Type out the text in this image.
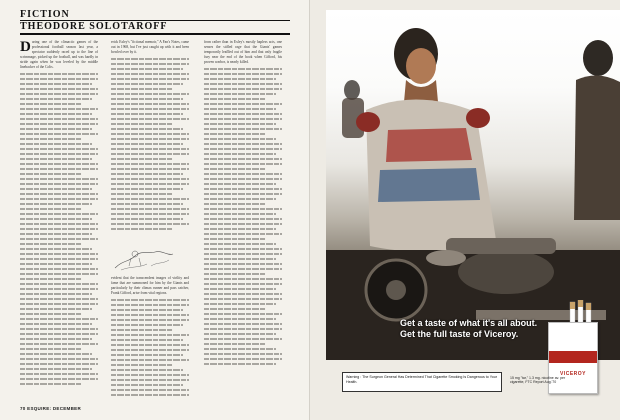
FICTION
THEODORE SOLOTAROFF
D uring one of the climactic games of the professional football season last year, a spectator suddenly raced up to the line of scrimmage, picked up the football, and was hardly in stride again when he was leveled by the middle linebacker of the Colts.
erick Exley's "fictional memoir," A Fan's Notes, came out in 1968, but I've just caught up with it and been bowled over by it.
evident that the transcendent images of virility and fame that are summoned for him by the Giants and particularly by their climax runner and pass catcher, Frank Gifford, arise from vital regions.
from rather than in Exley's mostly hapless acts, one senses the stifled rage that the Giants' games temporarily leaflled out of him and that only fragile fury near the end of the book when Gifford, his proven warhor, is nearly killed.
70 ESQUIRE: DECEMBER
Get a taste of what it's all about.
Get the full taste of Viceroy.
VICEROY
Warning : The Surgeon General Has Determined That Cigarette Smoking Is Dangerous to Your Health.
15 mg "tar," 1.3 mg. nicotine av. per cigarette, FTC Report Aug.'70
